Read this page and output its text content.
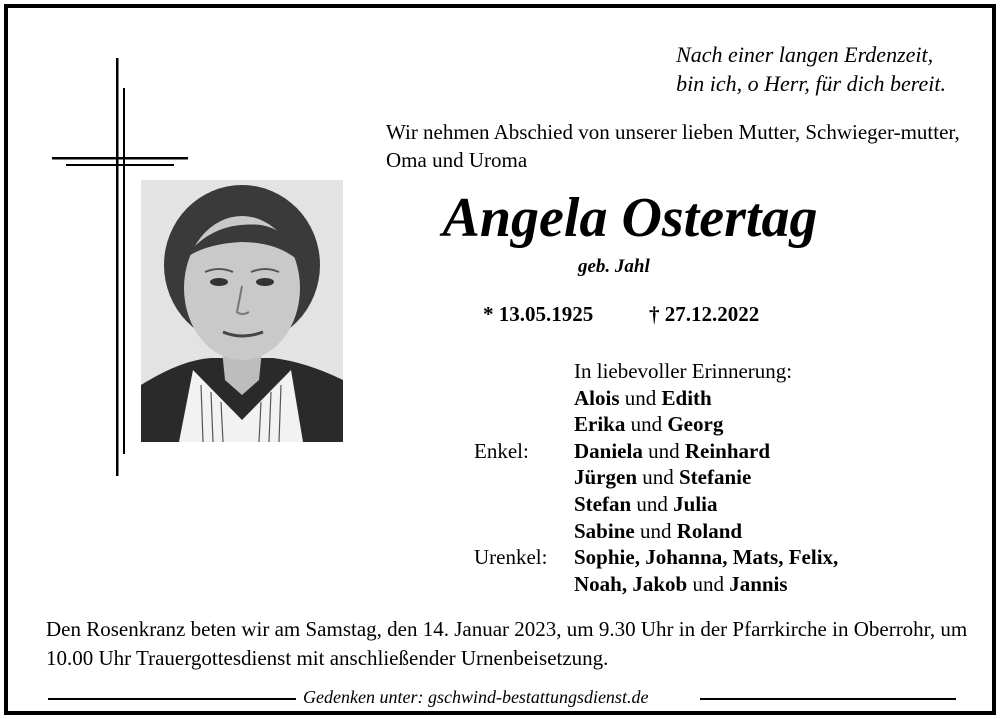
Nach einer langen Erdenzeit,
bin ich, o Herr, für dich bereit.
Wir nehmen Abschied von unserer lieben Mutter, Schwieger-mutter, Oma und Uroma
Angela Ostertag
geb. Jahl
* 13.05.1925	† 27.12.2022
In liebevoller Erinnerung:
Alois und Edith
Erika und Georg
Enkel:	Daniela und Reinhard
Jürgen und Stefanie
Stefan und Julia
Sabine und Roland
Urenkel:	Sophie, Johanna, Mats, Felix,
Noah, Jakob und Jannis
Den Rosenkranz beten wir am Samstag, den 14. Januar 2023, um 9.30 Uhr in der Pfarrkirche in Oberrohr, um 10.00 Uhr Trauergottesdienst mit anschließender Urnenbeisetzung.
Gedenken unter: gschwind-bestattungsdienst.de
